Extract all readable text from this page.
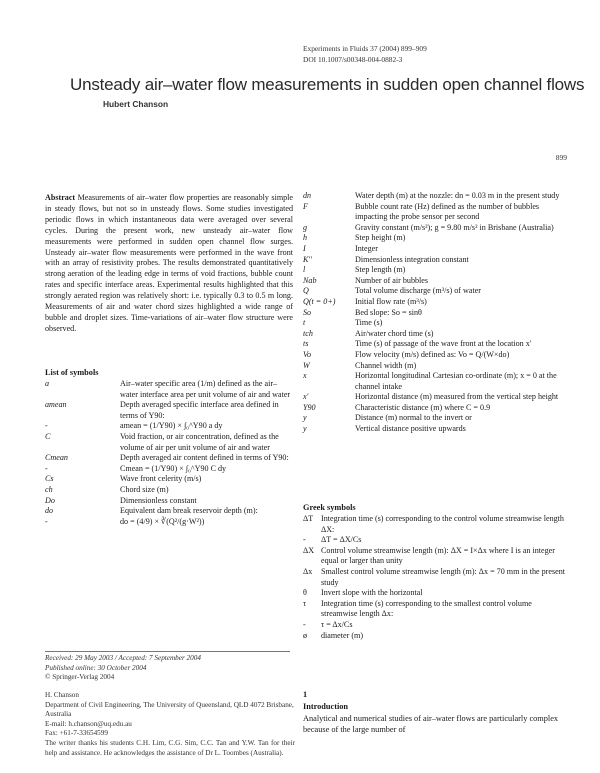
Experiments in Fluids 37 (2004) 899–909
DOI 10.1007/s00348-004-0882-3
Unsteady air–water flow measurements in sudden open channel flows
Hubert Chanson
899
Abstract Measurements of air–water flow properties are reasonably simple in steady flows, but not so in unsteady flows. Some studies investigated periodic flows in which instantaneous data were averaged over several cycles. During the present work, new unsteady air–water flow measurements were performed in sudden open channel flow surges. Unsteady air–water flow measurements were performed in the wave front with an array of resistivity probes. The results demonstrated quantitatively strong aeration of the leading edge in terms of void fractions, bubble count rates and specific interface areas. Experimental results highlighted that this strongly aerated region was relatively short: i.e. typically 0.3 to 0.5 m long. Measurements of air and water chord sizes highlighted a wide range of bubble and droplet sizes. Time-variations of air–water flow structure were observed.
List of symbols
a	Air–water specific area (1/m) defined as the air–water interface area per unit volume of air and water
amean	Depth averaged specific interface area defined in terms of Y90:
-	amean = (1/Y90) × ∫₀^Y90 a dy
C	Void fraction, or air concentration, defined as the volume of air per unit volume of air and water
Cmean	Depth averaged air content defined in terms of Y90:
-	Cmean = (1/Y90) × ∫₀^Y90 C dy
Cs	Wave front celerity (m/s)
ch	Chord size (m)
Do	Dimensionless constant
do	Equivalent dam break reservoir depth (m):
-	do = (4/9) × ∛(Q²/(g·W²))
dn	Water depth (m) at the nozzle: dn = 0.03 m in the present study
F	Bubble count rate (Hz) defined as the number of bubbles impacting the probe sensor per second
g	Gravity constant (m/s²); g = 9.80 m/s² in Brisbane (Australia)
h	Step height (m)
I	Integer
K''	Dimensionless integration constant
l	Step length (m)
Nab	Number of air bubbles
Q	Total volume discharge (m³/s) of water
Q(t = 0+)	Initial flow rate (m³/s)
So	Bed slope: So = sinθ
t	Time (s)
tch	Air/water chord time (s)
ts	Time (s) of passage of the wave front at the location x'
Vo	Flow velocity (m/s) defined as: Vo = Q/(W×do)
W	Channel width (m)
x	Horizontal longitudinal Cartesian co-ordinate (m); x = 0 at the channel intake
x'	Horizontal distance (m) measured from the vertical step height
Y90	Characteristic distance (m) where C = 0.9
y	Distance (m) normal to the invert or
y	Vertical distance positive upwards
Greek symbols
ΔT Integration time (s) corresponding to the control volume streamwise length ΔX:
-	ΔT = ΔX/Cs
ΔX Control volume streamwise length (m): ΔX = I×Δx where I is an integer equal or larger than unity
Δx	Smallest control volume streamwise length (m): Δx = 70 mm in the present study
θ	Invert slope with the horizontal
τ	Integration time (s) corresponding to the smallest control volume streamwise length Δx:
-	τ = Δx/Cs
ø	diameter (m)
Received: 29 May 2003 / Accepted: 7 September 2004
Published online: 30 October 2004
© Springer-Verlag 2004
H. Chanson
Department of Civil Engineering, The University of Queensland, QLD 4072 Brisbane, Australia
E-mail: h.chanson@uq.edu.au
Fax: +61-7-33654599
The writer thanks his students C.H. Lim, C.G. Sim, C.C. Tan and Y.W. Tan for their help and assistance. He acknowledges the assistance of Dr L. Toombes (Australia).
1
Introduction
Analytical and numerical studies of air–water flows are particularly complex because of the large number of
